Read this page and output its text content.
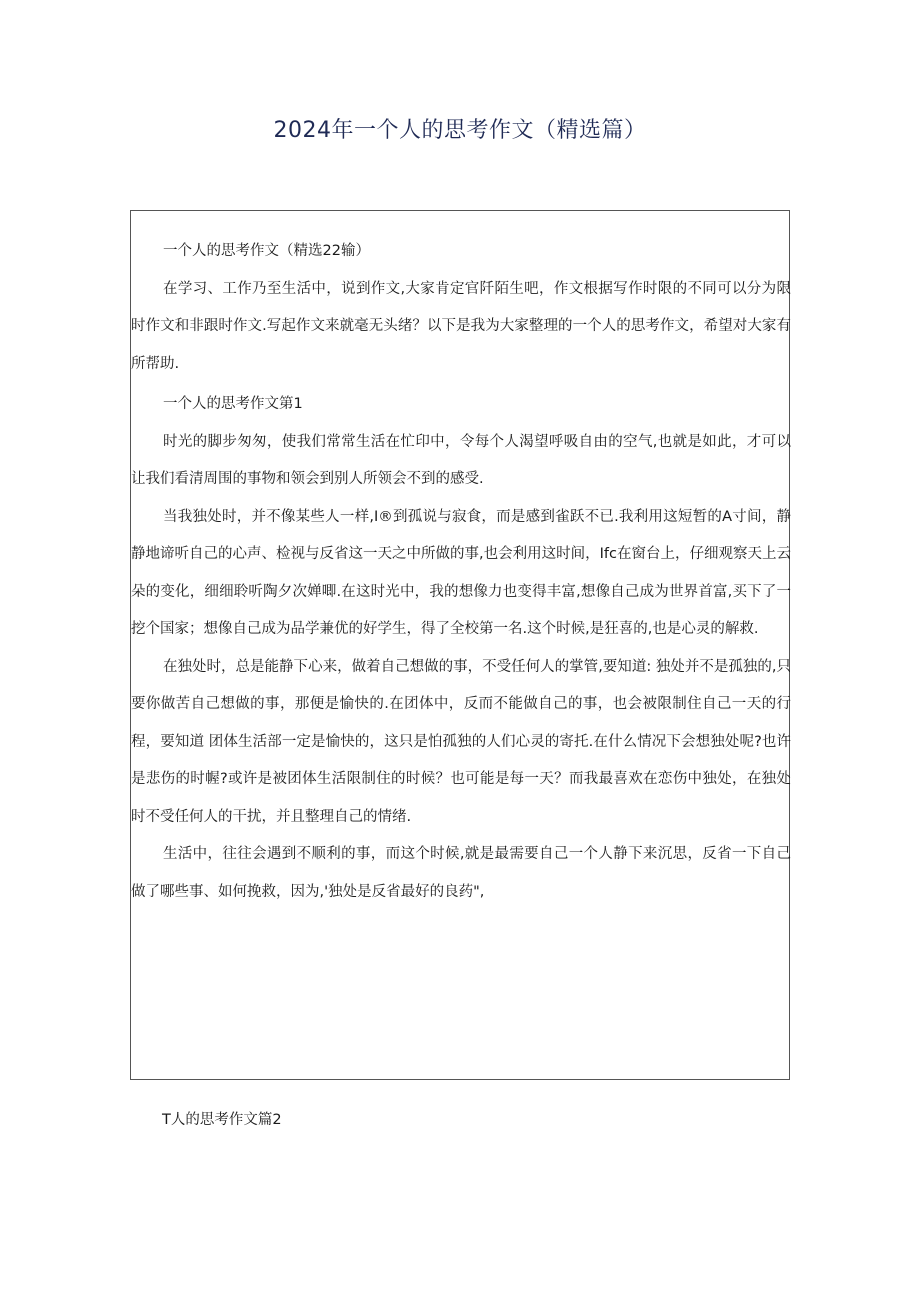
2024年一个人的思考作文（精选篇）

一个人的思考作文（精选22输）

在学习、工作乃至生活中，说到作文,大家肯定官阡陌生吧，作文根据写作时限的不同可以分为限时作文和非跟时作文.写起作文来就毫无头绪？以下是我为大家整理的一个人的思考作文，希望对大家有所帮助.

一个人的思考作文第1

时光的脚步匆匆，使我们常常生活在忙印中，令每个人渴望呼吸自由的空气,也就是如此，才可以让我们看清周围的事物和领会到别人所领会不到的感受.

当我独处时，并不像某些人一样,I®到孤说与寂食，而是感到雀跃不已.我利用这短暂的A寸间，静静地谛听自己的心声、检视与反省这一天之中所做的事,也会利用这时间，Ifc在窗台上，仔细观察天上云朵的变化，细细聆听陶夕次婵唧.在这时光中，我的想像力也变得丰富,想像自己成为世界首富,买下了一挖个国家；想像自己成为品学兼优的好学生，得了全校第一名.这个时候,是狂喜的,也是心灵的解救.

在独处时，总是能静下心来，做着自己想做的事，不受任何人的掌管,要知道: 独处并不是孤独的,只要你做苦自己想做的事，那便是愉快的.在团体中，反而不能做自己的事，也会被限制住自己一天的行程，要知道 团体生活部一定是愉快的，这只是怕孤独的人们心灵的寄托.在什么情况下会想独处呢?也许是悲伤的时幄?或许是被团体生活限制住的时候？也可能是每一天？而我最喜欢在恋伤中独处，在独处时不受任何人的干扰，并且整理自己的情绪.

生活中，往往会遇到不顺利的事，而这个时候,就是最需要自己一个人静下来沉思，反省一下自己做了哪些事、如何挽救，因为,'独处是反省最好的良药",

T人的思考作文篇2
